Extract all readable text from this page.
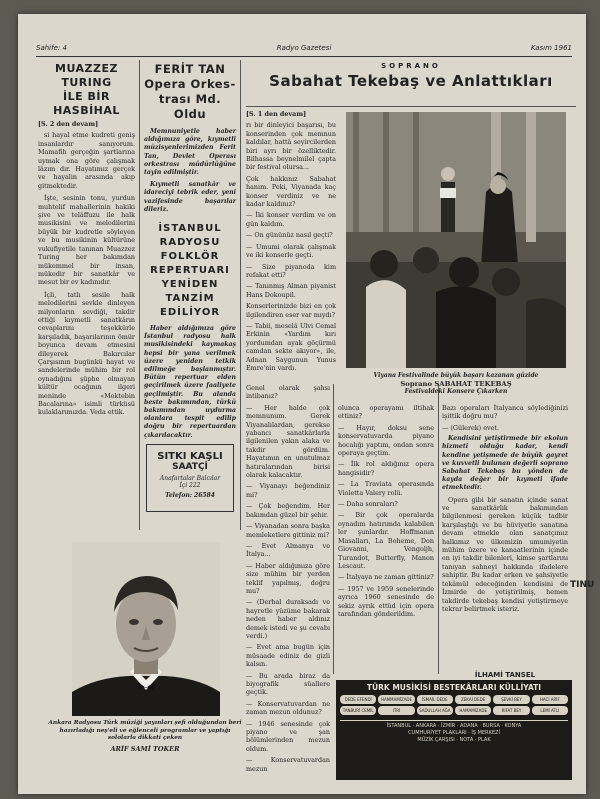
Sahife: 4	Radyo Gazetesi	Kasım 1961
MUAZZEZ TURING
İLE BİR HASBİHAL

[S. 2 den devam]

si hayal etme kudreti geniş insanlardır sanıyorum. Mamafih gerçeğin şartlarına uymak ona göre çalışmak lâzım dır. Hayatımız gerçek ve hayalin arasında akıp gitmektedir.

İşte, sesinin tonu, yurdun muhtelif mahallerinin hakiki şive ve telâffuzu ile halk musikisini ve melodilerini büyük bir kudretle söyleyen ve bu musikinin kültürüne vukufiyetile tanınan Muazzez Turing her bakımdan mükemmel bir insan, mükedir bir sanatkâr ve mesut bir ev kadınıdır.

İçli, tatlı sesile halk melodilerini sevkle dinleyen milyonların sevdiği, takdir ettiği kıymetli sanatkârın cevaplarını teşekkürle karşıladık, başarılarının ömür boyunca devam etmesini dileyerek Bakırcılar Çarşısının bugünkü hayat ve sandelerinde mühim bir rol oynadığını şüphe olmayan kültür ocağının ilgeri meninde «Mektebin Bacalarına» isimli türküsü kulaklarımızda. Veda ettik.

FERİT TAN
Opera Orkes-
trası Md. Oldu

Memnuniyetle haber aldığımıza göre, kıymetli müzisyenlerimizden Ferit Tan, Devlet Operası orkestrası müdürlüğüne tayin edilmiştir.

Kıymetli sanatkâr ve idareciyi tebrik eder, yeni vazifesinde başarılar dileriz.

İSTANBUL RADYOSU
FOLKLÖR
REPERTUARI
YENİDEN TANZİM
EDİLİYOR

Haber aldığımıza göre İstanbul radyosu halk musikisindeki kaymakaş hepsi bir yana verilmek üzere yeniden tetkik edilmeğe başlanmıştır. Bütün repertuar elden geçirilmek üzere faaliyete geçilmiştir. Bu alanda beste bakımından, türkü bakımından uydurma olanlara tespit edilip doğru bir repertuardan çıkarılacaktır.

SITKI KAŞLI
SAATÇİ
Anafartalar Balcılar
İçi 222
Telefon: 26584

Ankara Radyosu Türk müziği yayınları şefi olduğundan beri hazırladığı neş'eli ve eğlenceli programlar ve yaptığı sololarla dikkati çeken

ARİF SAMİ TOKER

SOPRANO
Sabahat Tekebaş ve Anlattıkları

[S. 1 den devam]

rı bir dinleyici başarısı, bu konserinden çok memnun kaldılar, hattâ seyircilerden biri ayrı bir özelliktedir. Bilhassa beynelmilel çapta bir festival olursa...

Çok hakkınız Sabahat hanım. Peki, Viyanada kaç konser verdiniz ve ne kadar kaldınız?

— İki konser verdim ve on gün kaldım.

— On gününüz nasıl geçti?

— Umumi olarak çalışmak ve iki konserle geçti.

— Size piyanoda kim refakat etti?

— Tanınmış Alman piyanist Hans Dokoupil.

Konserlerinizde bizi en çok ilgilendiren eser var mıydı?

— Tabii, meselâ Ulvi Cemal Erkinin «Yardım kırı yordumdan ayak göçürmü camdan sekte akıyor», ile, Adnan Saygunun Yunus Emre'nin vardı.

Viyana Festivalinde büyük başarı kazanan güzide

Soprano SABAHAT TEKEBAŞ

Festivaldeki Konsere Çıkarken

Genel olarak şahsı intibanız?

— Her halde çok memnunum. Gerek Viyanalılardan, gerekse yabancı sanatkârlarla ilgilenilen yakın alaka ve takdir gördüm. Hayatımın en unutulmaz hatıralarından birisi olarak kalacaktır.

— Viyanayı beğendiniz mi?

— Çok beğendim. Her bakımdan güzel bir şehir.

— Viyanadan sonra başka memleketlere gittiniz mi?

— Evet Almanya ve İtalya...

— Haber aldığımıza göre size mühim bir yerden teklif yapılmış, doğru mu?

— (Derhal duraksadı ve hayretle yüzüme bakarak neden haber aldınız demek istedi ve şu cevabı verdi.)

— Evet ama bugün için müsaade ediniz de gizli kalsın.

— Bu arada biraz da biyografik süallere geçtik.

— Konservatuvardan ne zaman mezun oldunuz?

— 1946 senesinde çok piyano ve şan bölümlerinden mezun oldum.

— Konservatuvardan mezun

olunca operayamı iltihak ettiniz?

— Hayır, doksu sene konservatuvarda piyano hocalığı yaptım, ondan sonra operaya geçtim.

— İlk rol aldığınız opera hangisidir?

— La Traviata operasında Violetta Valery rolü.

— Daha sonraları?

— Bir çok operalarda oynadım hatırımda kalabilen ler şunlardır. Hoffmanın Masalları, La Boheme, Don Giovanni, Vengoljh, Turandot, Butterfly, Manon Lescaut.

— İtalyaya ne zaman gittiniz?

— 1957 ve 1959 senelerinde ayrıca 1960 senesinde de sekiz ayrık ettüd için opera tarafından gönderildim.

Bazı operaları İtalyanca söylediğinizi işittik doğru mu?

— (Gülerek) evet.

Kendisini yetiştirmede bir ekolun hizmeti olduğu kadar, kendi kendine yetişmede de büyük gayret ve kuvvetli bulunan değerli soprano Sabahat Tekebaş bu yönden de kayda değer bir kıymeti ifade etmektedir.

Opera gibi bir sanatın içinde sanat ve sanatkârlık bakımından bilgilenmesi gereken küçük tadbir karşılaştığı ve bu hüviyetle sanatına devam etmekle olan sanatçımız halkımız ve ülkemizin umumiyetin mühim üzere ve kanaatlerinin içinde en iyi takdir bilenleri, kimse şartlarını tanıyan sahneyi hakkında ifadelere sahiptir. Bu kadar erken ve şahsiyetle tekâmül edeceğinden kendisini de İzmirde de yetiştirilmiş, hemen takdirde tekebaş kendisi yetiştirmeye tekrar belirtmek isteriz.

İLHAMİ TANSEL
TÜRK MUSİKİSİ BESTEKÂRLARI KÜLLİYATI
DEDE EFENDİ	HAMMAMİZADE	İSMAİL DEDE	ZEKAİ DEDE	ŞEVKİ BEY	HACI ARİF
TANBURİ CEMİL	ITRİ	SADULLAH AĞA	HAMAMİZADE	RİFAT BEY	LEMİ ATLI
İSTANBUL · ANKARA · İZMİR · ADANA · BURSA · KONYA
CUMHURİYET PLAKLARI · İŞ MERKEZİ
MÜZİK ÇARŞISI · NOTA · PLAK
TINU
